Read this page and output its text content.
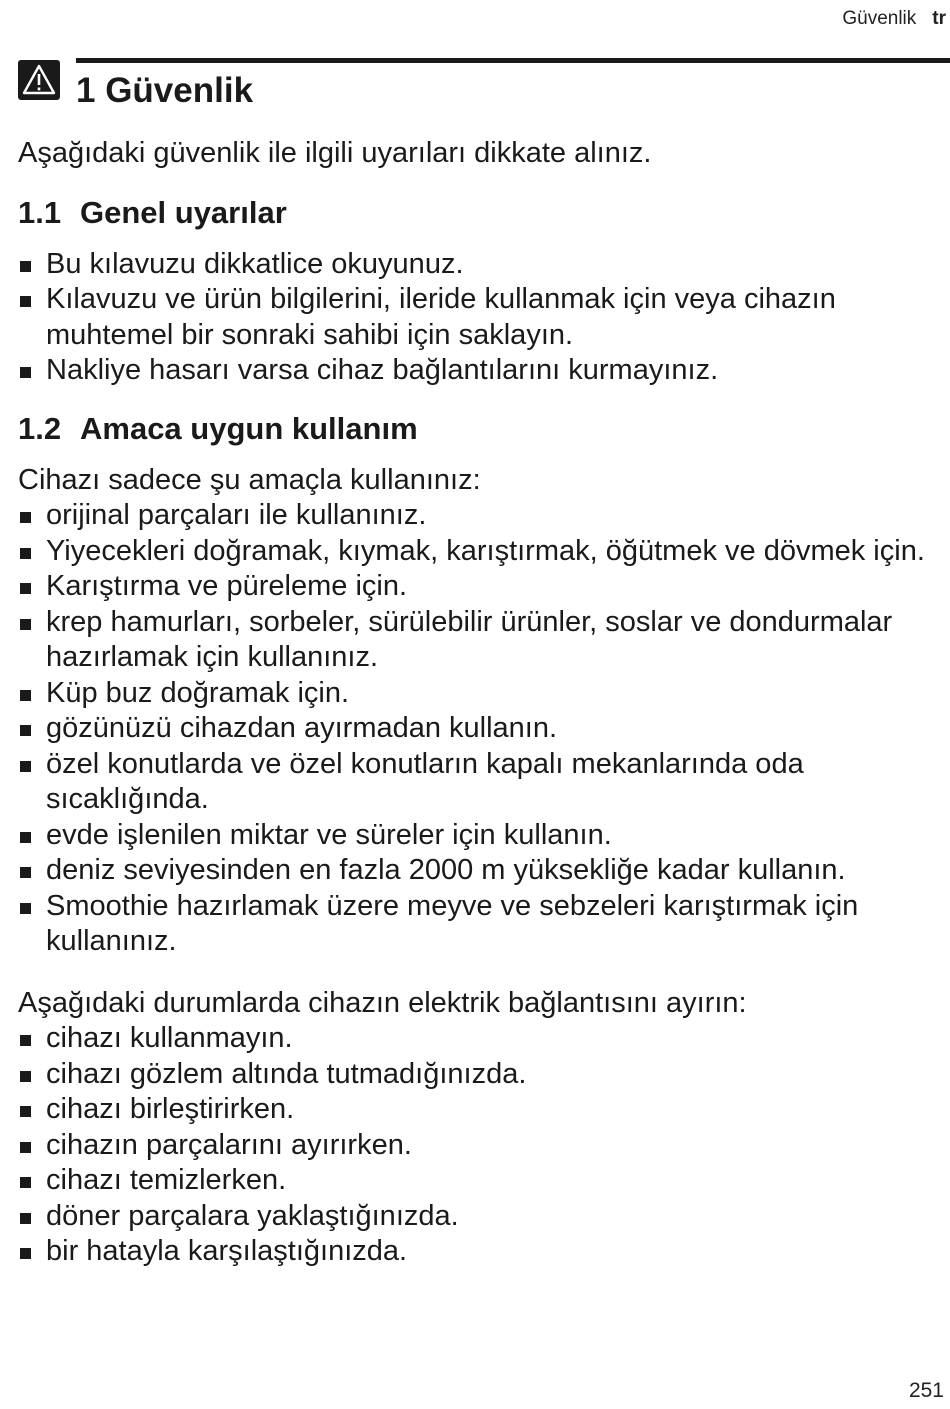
Güvenlik tr
1 Güvenlik

Aşağıdaki güvenlik ile ilgili uyarıları dikkate alınız.

1.1 Genel uyarılar
Bu kılavuzu dikkatlice okuyunuz.
Kılavuzu ve ürün bilgilerini, ileride kullanmak için veya cihazın muhtemel bir sonraki sahibi için saklayın.
Nakliye hasarı varsa cihaz bağlantılarını kurmayınız.
1.2 Amaca uygun kullanım

Cihazı sadece şu amaçla kullanınız:

orijinal parçaları ile kullanınız.
Yiyecekleri doğramak, kıymak, karıştırmak, öğütmek ve dövmek için.
Karıştırma ve püreleme için.
krep hamurları, sorbeler, sürülebilir ürünler, soslar ve dondurmalar hazırlamak için kullanınız.
Küp buz doğramak için.
gözünüzü cihazdan ayırmadan kullanın.
özel konutlarda ve özel konutların kapalı mekanlarında oda sıcaklığında.
evde işlenilen miktar ve süreler için kullanın.
deniz seviyesinden en fazla 2000 m yüksekliğe kadar kullanın.
Smoothie hazırlamak üzere meyve ve sebzeleri karıştırmak için kullanınız.

Aşağıdaki durumlarda cihazın elektrik bağlantısını ayırın:

cihazı kullanmayın.
cihazı gözlem altında tutmadığınızda.
cihazı birleştirirken.
cihazın parçalarını ayırırken.
cihazı temizlerken.
döner parçalara yaklaştığınızda.
bir hatayla karşılaştığınızda.
251
